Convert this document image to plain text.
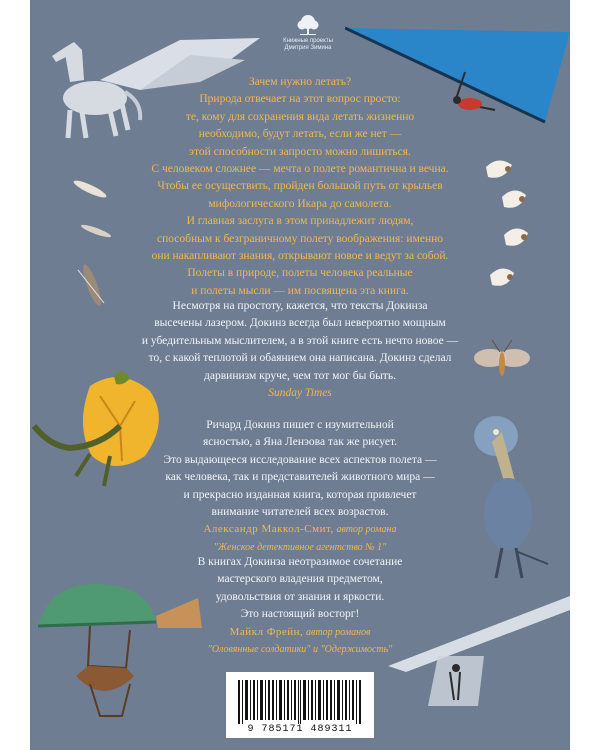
Книжные проекты
Дмитрия Зимина
Зачем нужно летать?
Природа отвечает на этот вопрос просто:
те, кому для сохранения вида летать жизненно
необходимо, будут летать, если же нет —
этой способности запросто можно лишиться.
С человеком сложнее — мечта о полете романтична и вечна.
Чтобы ее осуществить, пройден большой путь от крыльев
мифологического Икара до самолета.
И главная заслуга в этом принадлежит людям,
способным к безграничному полету воображения: именно
они накапливают знания, открывают новое и ведут за собой.
Полеты в природе, полеты человека реальные
и полеты мысли — им посвящена эта книга.
Несмотря на простоту, кажется, что тексты Докинза
высечены лазером. Докинз всегда был невероятно мощным
и убедительным мыслителем, а в этой книге есть нечто новое —
то, с какой теплотой и обаянием она написана. Докинз сделал
дарвинизм круче, чем тот мог бы быть.
Sunday Times
Ричард Докинз пишет с изумительной
ясностью, а Яна Ленэова так же рисует.
Это выдающееся исследование всех аспектов полета —
как человека, так и представителей животного мира —
и прекрасно изданная книга, которая привлечет
внимание читателей всех возрастов.
Александр Маккол-Смит, автор романа
"Женское детективное агентство № 1"
В книгах Докинза неотразимое сочетание
мастерского владения предметом,
удовольствия от знания и яркости.
Это настоящий восторг!
Майкл Фрейн, автор романов
"Оловянные солдатики" и "Одержимость"
9 785171 489311
